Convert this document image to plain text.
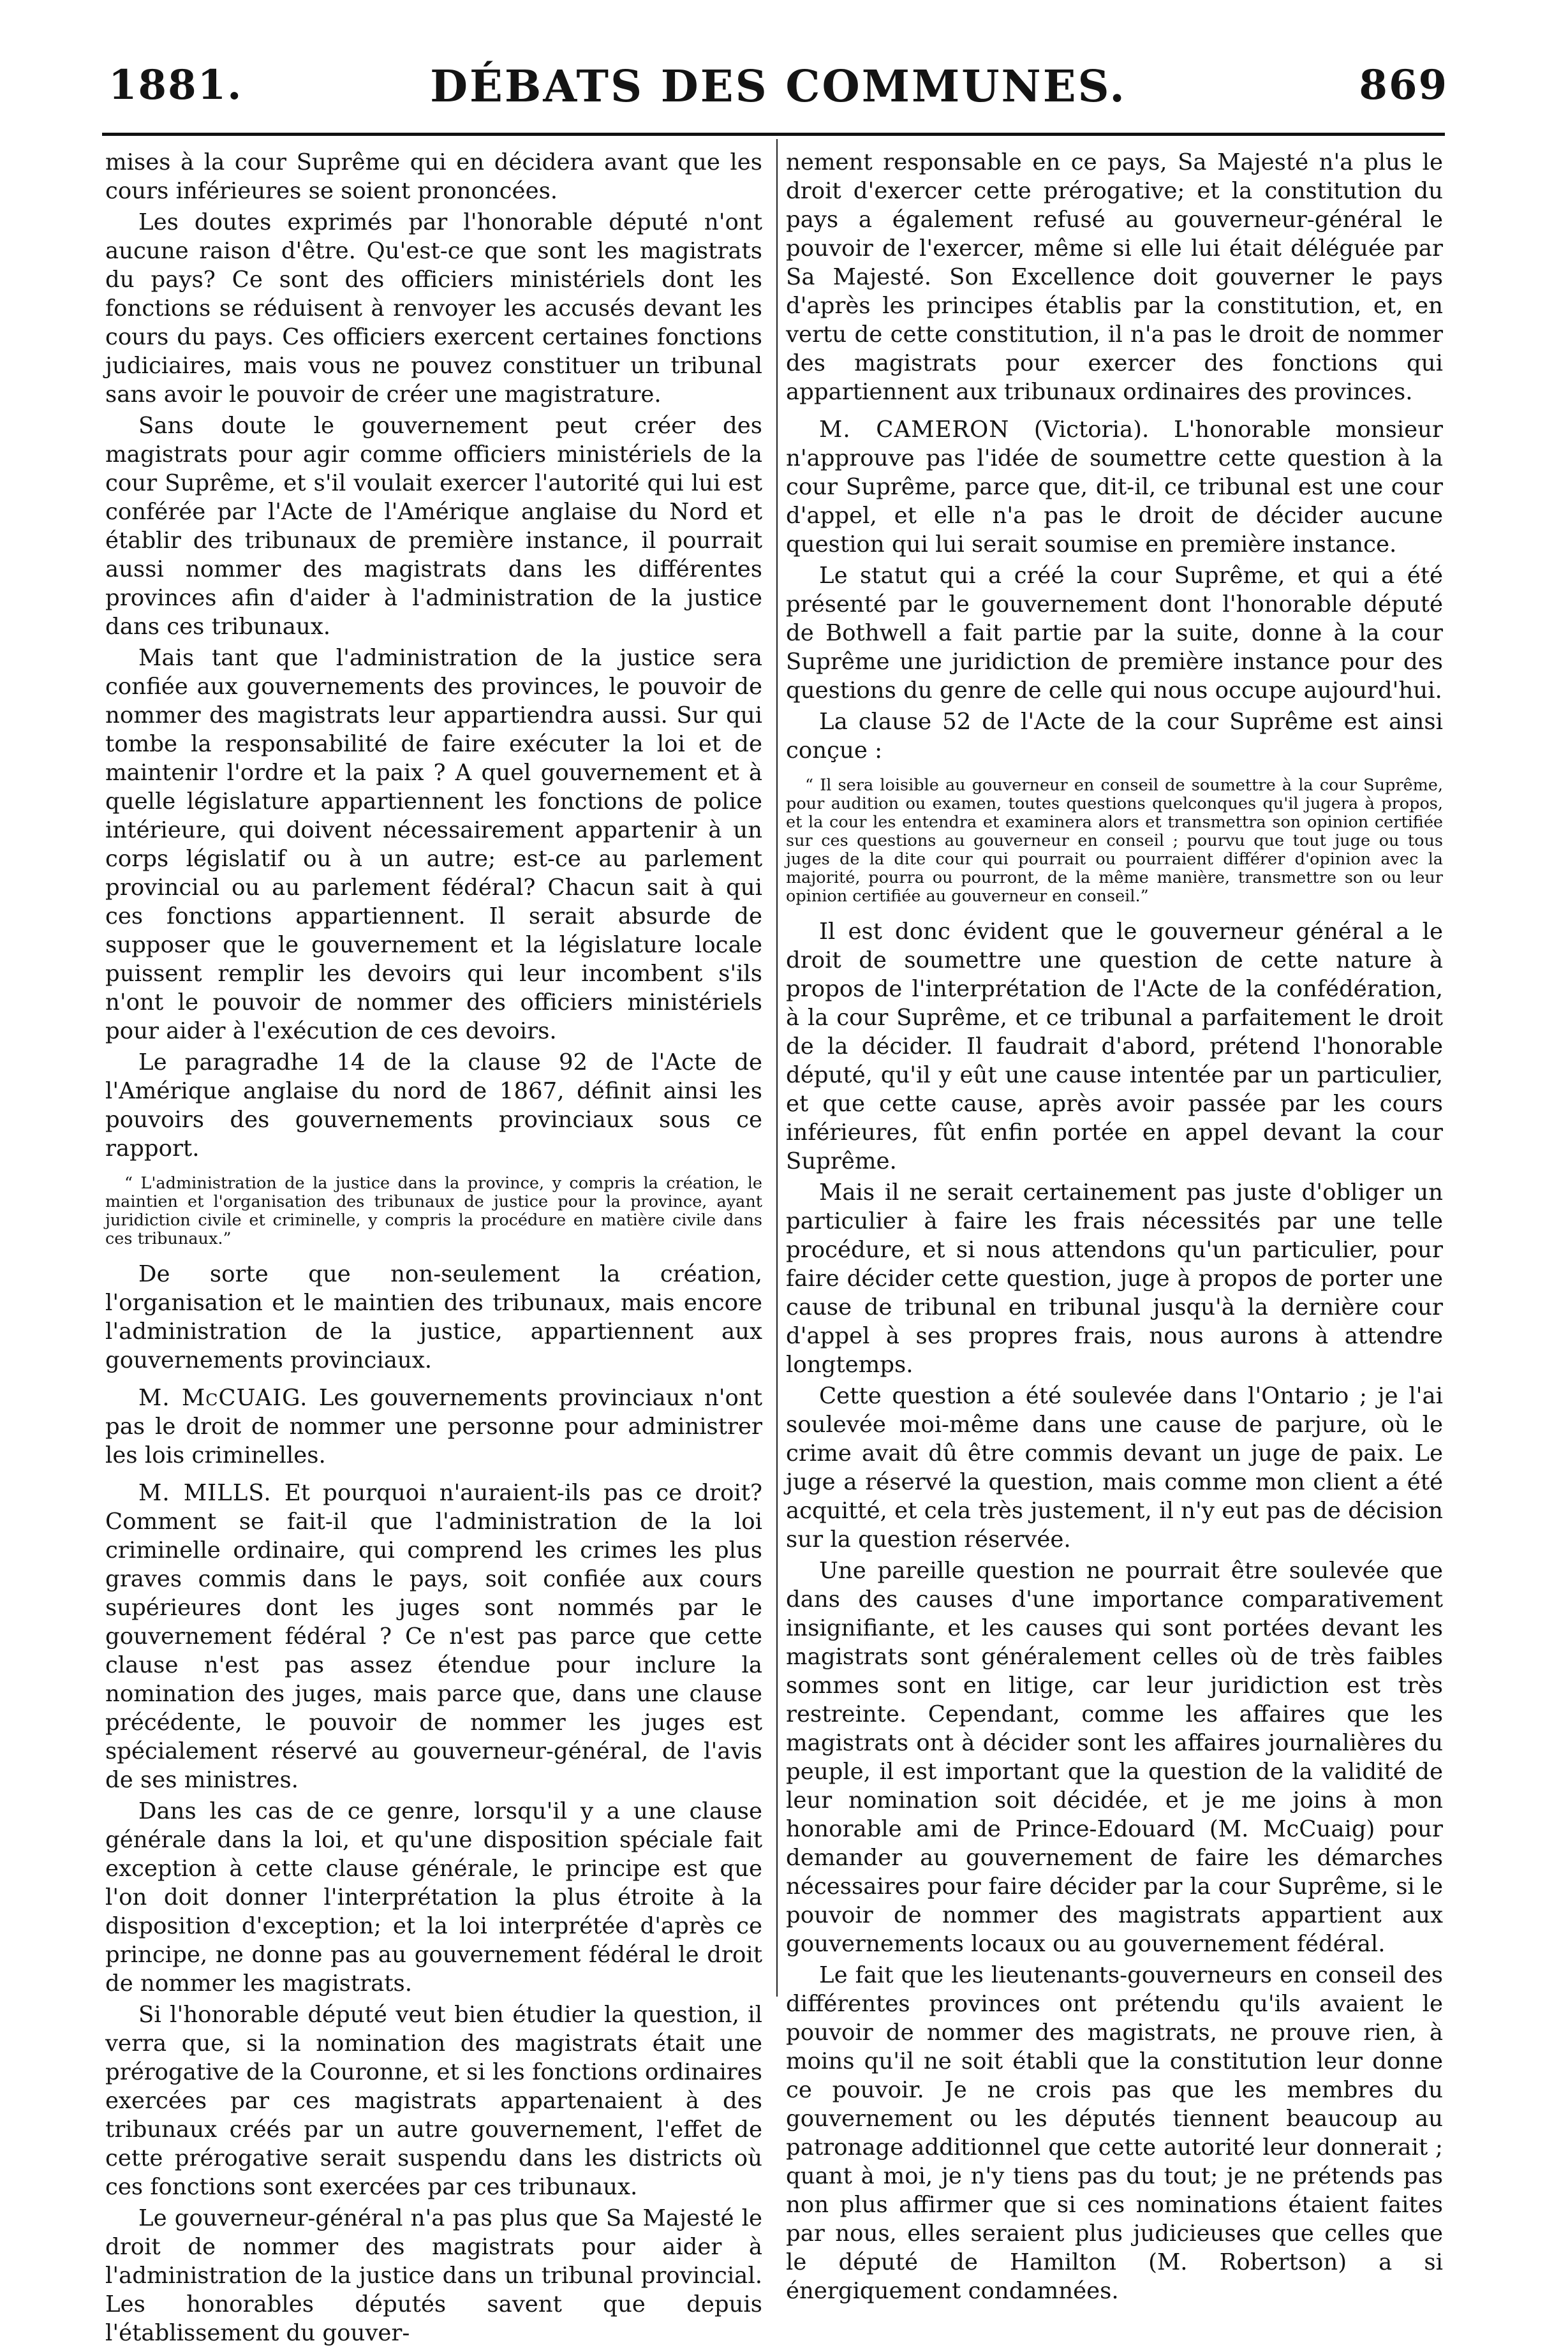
1881.	DÉBATS DES COMMUNES.	869

mises à la cour Suprême qui en décidera avant que les cours inférieures se soient prononcées.

Les doutes exprimés par l'honorable député n'ont aucune raison d'être. Qu'est-ce que sont les magistrats du pays? Ce sont des officiers ministériels dont les fonctions se réduisent à renvoyer les accusés devant les cours du pays. Ces officiers exercent certaines fonctions judiciaires, mais vous ne pouvez constituer un tribunal sans avoir le pouvoir de créer une magistrature.

Sans doute le gouvernement peut créer des magistrats pour agir comme officiers ministériels de la cour Suprême, et s'il voulait exercer l'autorité qui lui est conférée par l'Acte de l'Amérique anglaise du Nord et établir des tribunaux de première instance, il pourrait aussi nommer des magistrats dans les différentes provinces afin d'aider à l'administration de la justice dans ces tribunaux.

Mais tant que l'administration de la justice sera confiée aux gouvernements des provinces, le pouvoir de nommer des magistrats leur appartiendra aussi. Sur qui tombe la responsabilité de faire exécuter la loi et de maintenir l'ordre et la paix ? A quel gouvernement et à quelle législature appartiennent les fonctions de police intérieure, qui doivent nécessairement appartenir à un corps législatif ou à un autre; est-ce au parlement provincial ou au parlement fédéral? Chacun sait à qui ces fonctions appartiennent. Il serait absurde de supposer que le gouvernement et la législature locale puissent remplir les devoirs qui leur incombent s'ils n'ont le pouvoir de nommer des officiers ministériels pour aider à l'exécution de ces devoirs.

Le paragradhe 14 de la clause 92 de l'Acte de l'Amérique anglaise du nord de 1867, définit ainsi les pouvoirs des gouvernements provinciaux sous ce rapport.

“ L'administration de la justice dans la province, y compris la création, le maintien et l'organisation des tribunaux de justice pour la province, ayant juridiction civile et criminelle, y compris la procédure en matière civile dans ces tribunaux.”

De sorte que non-seulement la création, l'organisation et le maintien des tribunaux, mais encore l'administration de la justice, appartiennent aux gouvernements provinciaux.

M. McCUAIG. Les gouvernements provinciaux n'ont pas le droit de nommer une personne pour administrer les lois criminelles.

M. MILLS. Et pourquoi n'auraient-ils pas ce droit? Comment se fait-il que l'administration de la loi criminelle ordinaire, qui comprend les crimes les plus graves commis dans le pays, soit confiée aux cours supérieures dont les juges sont nommés par le gouvernement fédéral ? Ce n'est pas parce que cette clause n'est pas assez étendue pour inclure la nomination des juges, mais parce que, dans une clause précédente, le pouvoir de nommer les juges est spécialement réservé au gouverneur-général, de l'avis de ses ministres.

Dans les cas de ce genre, lorsqu'il y a une clause générale dans la loi, et qu'une disposition spéciale fait exception à cette clause générale, le principe est que l'on doit donner l'interprétation la plus étroite à la disposition d'exception; et la loi interprétée d'après ce principe, ne donne pas au gouvernement fédéral le droit de nommer les magistrats.

Si l'honorable député veut bien étudier la question, il verra que, si la nomination des magistrats était une prérogative de la Couronne, et si les fonctions ordinaires exercées par ces magistrats appartenaient à des tribunaux créés par un autre gouvernement, l'effet de cette prérogative serait suspendu dans les districts où ces fonctions sont exercées par ces tribunaux.

Le gouverneur-général n'a pas plus que Sa Majesté le droit de nommer des magistrats pour aider à l'administration de la justice dans un tribunal provincial. Les honorables députés savent que depuis l'établissement du gouver-

nement responsable en ce pays, Sa Majesté n'a plus le droit d'exercer cette prérogative; et la constitution du pays a également refusé au gouverneur-général le pouvoir de l'exercer, même si elle lui était déléguée par Sa Majesté. Son Excellence doit gouverner le pays d'après les principes établis par la constitution, et, en vertu de cette constitution, il n'a pas le droit de nommer des magistrats pour exercer des fonctions qui appartiennent aux tribunaux ordinaires des provinces.

M. CAMERON (Victoria). L'honorable monsieur n'approuve pas l'idée de soumettre cette question à la cour Suprême, parce que, dit-il, ce tribunal est une cour d'appel, et elle n'a pas le droit de décider aucune question qui lui serait soumise en première instance.

Le statut qui a créé la cour Suprême, et qui a été présenté par le gouvernement dont l'honorable député de Bothwell a fait partie par la suite, donne à la cour Suprême une juridiction de première instance pour des questions du genre de celle qui nous occupe aujourd'hui.

La clause 52 de l'Acte de la cour Suprême est ainsi conçue :

“ Il sera loisible au gouverneur en conseil de soumettre à la cour Suprême, pour audition ou examen, toutes questions quelconques qu'il jugera à propos, et la cour les entendra et examinera alors et transmettra son opinion certifiée sur ces questions au gouverneur en conseil ; pourvu que tout juge ou tous juges de la dite cour qui pourrait ou pourraient différer d'opinion avec la majorité, pourra ou pourront, de la même manière, transmettre son ou leur opinion certifiée au gouverneur en conseil.”

Il est donc évident que le gouverneur général a le droit de soumettre une question de cette nature à propos de l'interprétation de l'Acte de la confédération, à la cour Suprême, et ce tribunal a parfaitement le droit de la décider. Il faudrait d'abord, prétend l'honorable député, qu'il y eût une cause intentée par un particulier, et que cette cause, après avoir passée par les cours inférieures, fût enfin portée en appel devant la cour Suprême.

Mais il ne serait certainement pas juste d'obliger un particulier à faire les frais nécessités par une telle procédure, et si nous attendons qu'un particulier, pour faire décider cette question, juge à propos de porter une cause de tribunal en tribunal jusqu'à la dernière cour d'appel à ses propres frais, nous aurons à attendre longtemps.

Cette question a été soulevée dans l'Ontario ; je l'ai soulevée moi-même dans une cause de parjure, où le crime avait dû être commis devant un juge de paix. Le juge a réservé la question, mais comme mon client a été acquitté, et cela très justement, il n'y eut pas de décision sur la question réservée.

Une pareille question ne pourrait être soulevée que dans des causes d'une importance comparativement insignifiante, et les causes qui sont portées devant les magistrats sont généralement celles où de très faibles sommes sont en litige, car leur juridiction est très restreinte. Cependant, comme les affaires que les magistrats ont à décider sont les affaires journalières du peuple, il est important que la question de la validité de leur nomination soit décidée, et je me joins à mon honorable ami de Prince-Edouard (M. McCuaig) pour demander au gouvernement de faire les démarches nécessaires pour faire décider par la cour Suprême, si le pouvoir de nommer des magistrats appartient aux gouvernements locaux ou au gouvernement fédéral.

Le fait que les lieutenants-gouverneurs en conseil des différentes provinces ont prétendu qu'ils avaient le pouvoir de nommer des magistrats, ne prouve rien, à moins qu'il ne soit établi que la constitution leur donne ce pouvoir. Je ne crois pas que les membres du gouvernement ou les députés tiennent beaucoup au patronage additionnel que cette autorité leur donnerait ; quant à moi, je n'y tiens pas du tout; je ne prétends pas non plus affirmer que si ces nominations étaient faites par nous, elles seraient plus judicieuses que celles que le député de Hamilton (M. Robertson) a si énergiquement condamnées.
